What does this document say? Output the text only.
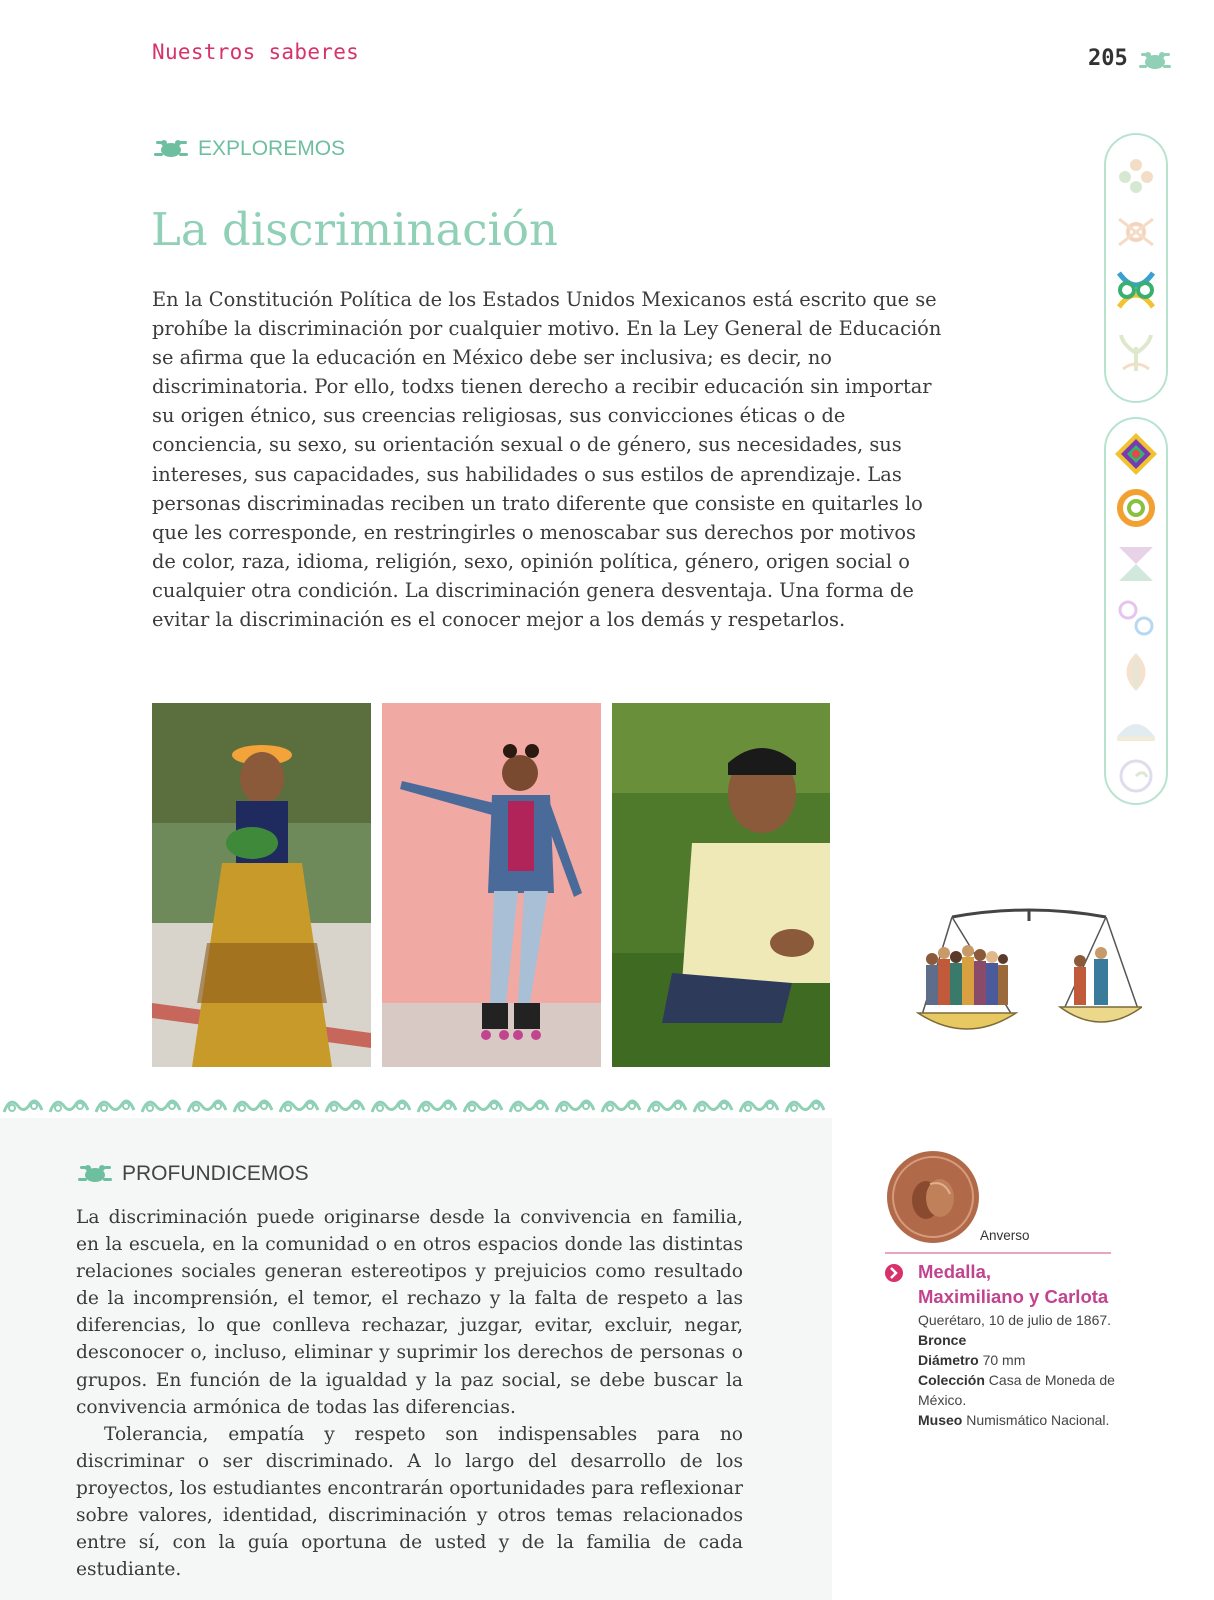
Nuestros saberes	205
EXPLOREMOS
La discriminación

En la Constitución Política de los Estados Unidos Mexicanos está escrito que se prohíbe la discriminación por cualquier motivo. En la Ley General de Educación se afirma que la educación en México debe ser inclusiva; es decir, no discriminatoria. Por ello, todxs tienen derecho a recibir educación sin importar su origen étnico, sus creencias religiosas, sus convicciones éticas o de conciencia, su sexo, su orientación sexual o de género, sus necesidades, sus intereses, sus capacidades, sus habilidades o sus estilos de aprendizaje. Las personas discriminadas reciben un trato diferente que consiste en quitarles lo que les corresponde, en restringirles o menoscabar sus derechos por motivos de color, raza, idioma, religión, sexo, opinión política, género, origen social o cualquier otra condición. La discriminación genera desventaja. Una forma de evitar la discriminación es el conocer mejor a los demás y respetarlos.

PROFUNDICEMOS

La discriminación puede originarse desde la convivencia en familia, en la escuela, en la comunidad o en otros espacios donde las distintas relaciones sociales generan estereotipos y prejuicios como resultado de la incomprensión, el temor, el rechazo y la falta de respeto a las diferencias, lo que conlleva rechazar, juzgar, evitar, excluir, negar, desconocer o, incluso, eliminar y suprimir los derechos de personas o grupos. En función de la igualdad y la paz social, se debe buscar la convivencia armónica de todas las diferencias.

Tolerancia, empatía y respeto son indispensables para no discriminar o ser discriminado. A lo largo del desarrollo de los proyectos, los estudiantes encontrarán oportunidades para reflexionar sobre valores, identidad, discriminación y otros temas relacionados entre sí, con la guía oportuna de usted y de la familia de cada estudiante.

Anverso
Medalla,
Maximiliano y Carlota
Querétaro, 10 de julio de 1867.
Bronce
Diámetro 70 mm
Colección Casa de Moneda de México.
Museo Numismático Nacional.
